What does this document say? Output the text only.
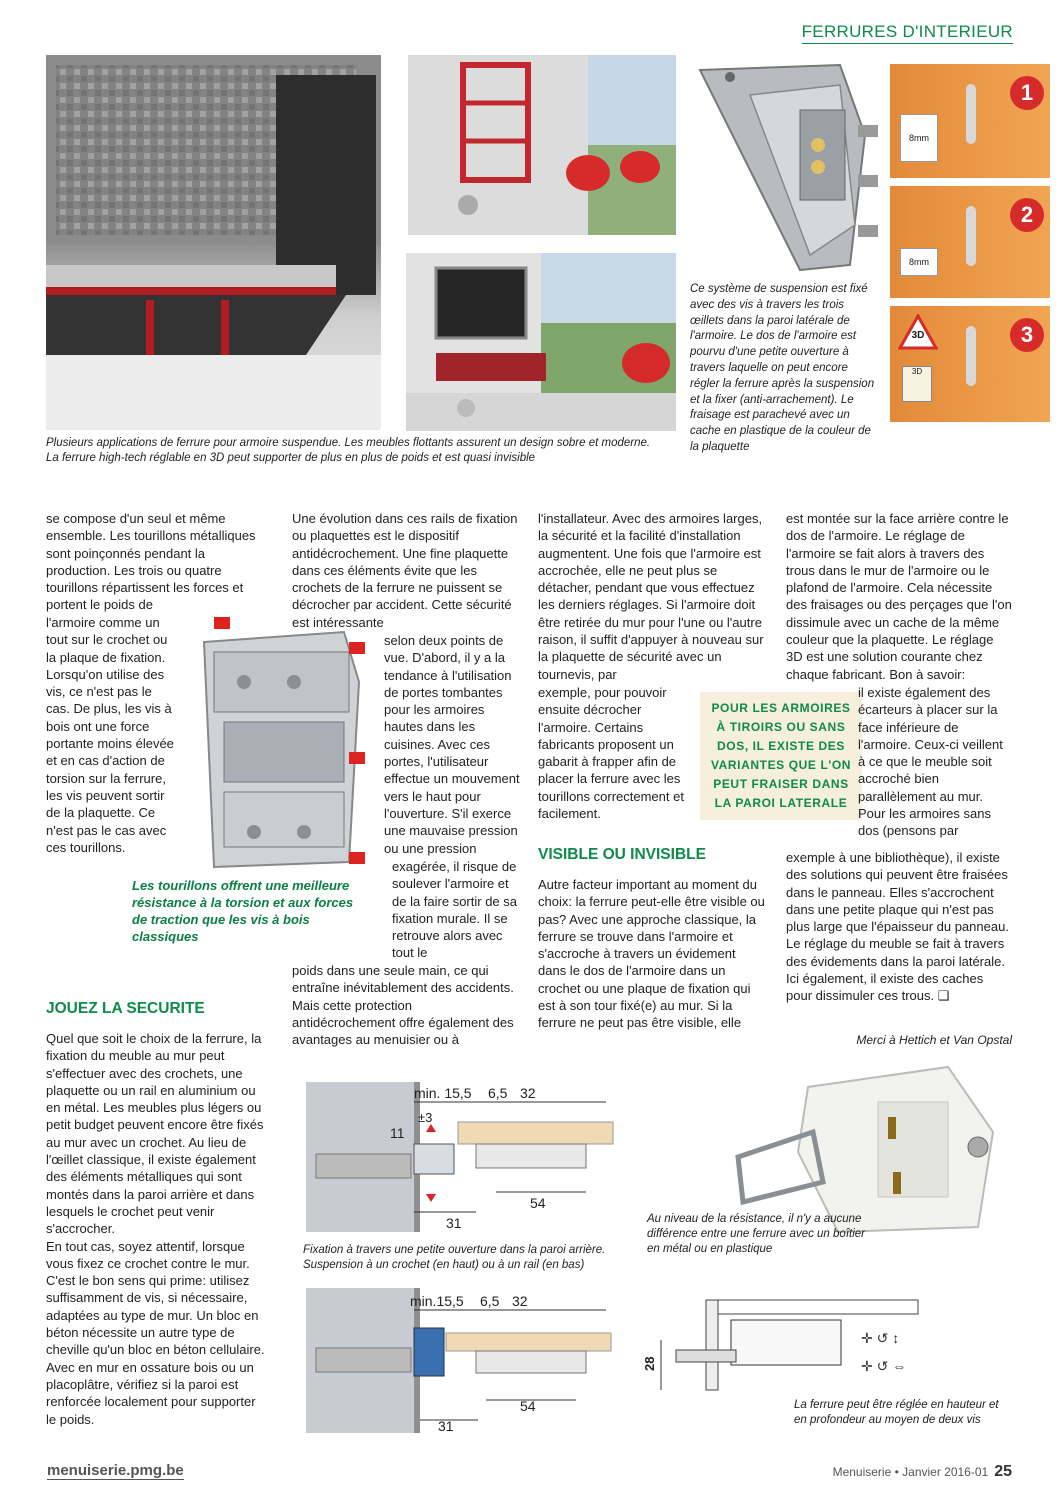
FERRURES D'INTERIEUR
8mm
1
8mm
2
3D
3D
3
Plusieurs applications de ferrure pour armoire suspendue. Les meubles flottants assurent un design sobre et moderne.
La ferrure high-tech réglable en 3D peut supporter de plus en plus de poids et est quasi invisible
Ce système de suspension est fixé avec des vis à travers les trois œillets dans la paroi latérale de l'armoire. Le dos de l'armoire est pourvu d'une petite ouverture à travers laquelle on peut encore régler la ferrure après la suspension et la fixer (anti-arrachement). Le fraisage est parachevé avec un cache en plastique de la couleur de la plaquette
se compose d'un seul et même ensemble. Les tourillons métalliques sont poinçonnés pendant la production. Les trois ou quatre tourillons répartissent les forces et portent le poids de
l'armoire comme un tout sur le crochet ou la plaque de fixation. Lorsqu'on utilise des vis, ce n'est pas le cas. De plus, les vis à bois ont une force portante moins élevée et en cas d'action de torsion sur la ferrure, les vis peuvent sortir de la plaquette. Ce n'est pas le cas avec ces tourillons.
Les tourillons offrent une meilleure résistance à la torsion et aux forces de traction que les vis à bois classiques
JOUEZ LA SECURITE

Quel que soit le choix de la ferrure, la fixation du meuble au mur peut s'effectuer avec des crochets, une plaquette ou un rail en aluminium ou en métal. Les meubles plus légers ou petit budget peuvent encore être fixés au mur avec un crochet. Au lieu de l'œillet classique, il existe également des éléments métalliques qui sont montés dans la paroi arrière et dans lesquels le crochet peut venir s'accrocher.

En tout cas, soyez attentif, lorsque vous fixez ce crochet contre le mur. C'est le bon sens qui prime: utilisez suffisamment de vis, si nécessaire, adaptées au type de mur. Un bloc en béton nécessite un autre type de cheville qu'un bloc en béton cellulaire. Avec en mur en ossature bois ou un placoplâtre, vérifiez si la paroi est renforcée localement pour supporter le poids.

Une évolution dans ces rails de fixation ou plaquettes est le dispositif antidécrochement. Une fine plaquette dans ces éléments évite que les crochets de la ferrure ne puissent se décrocher par accident. Cette sécurité est intéressante
selon deux points de vue. D'abord, il y a la tendance à l'utilisation de portes tombantes pour les armoires hautes dans les cuisines. Avec ces portes, l'utilisateur effectue un mouvement vers le haut pour l'ouverture. S'il exerce une mauvaise pression ou une pression
exagérée, il risque de soulever l'armoire et de la faire sortir de sa fixation murale. Il se retrouve alors avec tout le
poids dans une seule main, ce qui entraîne inévitablement des accidents. Mais cette protection antidécrochement offre également des avantages au menuisier ou à
l'installateur. Avec des armoires larges, la sécurité et la facilité d'installation augmentent. Une fois que l'armoire est accrochée, elle ne peut plus se détacher, pendant que vous effectuez les derniers réglages. Si l'armoire doit être retirée du mur pour l'une ou l'autre raison, il suffit d'appuyer à nouveau sur la plaquette de sécurité avec un tournevis, par
exemple, pour pouvoir ensuite décrocher l'armoire. Certains fabricants proposent un gabarit à frapper afin de placer la ferrure avec les tourillons correctement et facilement.
POUR LES ARMOIRES À TIROIRS OU SANS DOS, IL EXISTE DES VARIANTES QUE L'ON PEUT FRAISER DANS LA PAROI LATERALE
VISIBLE OU INVISIBLE
Autre facteur important au moment du choix: la ferrure peut-elle être visible ou pas? Avec une approche classique, la ferrure se trouve dans l'armoire et s'accroche à travers un évidement dans le dos de l'armoire dans un crochet ou une plaque de fixation qui est à son tour fixé(e) au mur. Si la ferrure ne peut pas être visible, elle
est montée sur la face arrière contre le dos de l'armoire. Le réglage de l'armoire se fait alors à travers des trous dans le mur de l'armoire ou le plafond de l'armoire. Cela nécessite des fraisages ou des perçages que l'on dissimule avec un cache de la même couleur que la plaquette. Le réglage 3D est une solution courante chez chaque fabricant. Bon à savoir:
il existe également des écarteurs à placer sur la face inférieure de l'armoire. Ceux-ci veillent à ce que le meuble soit accroché bien parallèlement au mur. Pour les armoires sans dos (pensons par
exemple à une bibliothèque), il existe des solutions qui peuvent être fraisées dans le panneau. Elles s'accrochent dans une petite plaque qui n'est pas plus large que l'épaisseur du panneau. Le réglage du meuble se fait à travers des évidements dans la paroi latérale. Ici également, il existe des caches pour dissimuler ces trous. ❑
Merci à Hettich et Van Opstal
min. 15,5 6,5 32
±3
11
54
31
Fixation à travers une petite ouverture dans la paroi arrière.
Suspension à un crochet (en haut) ou à un rail (en bas)
min.15,5 6,5 32
54
31
Au niveau de la résistance, il n'y a aucune différence entre une ferrure avec un boîtier en métal ou en plastique
28
✛ ↺ ↕
✛ ↺ ⇔
La ferrure peut être réglée en hauteur et en profondeur au moyen de deux vis
menuiserie.pmg.be	Menuiserie • Janvier 2016-01 25
